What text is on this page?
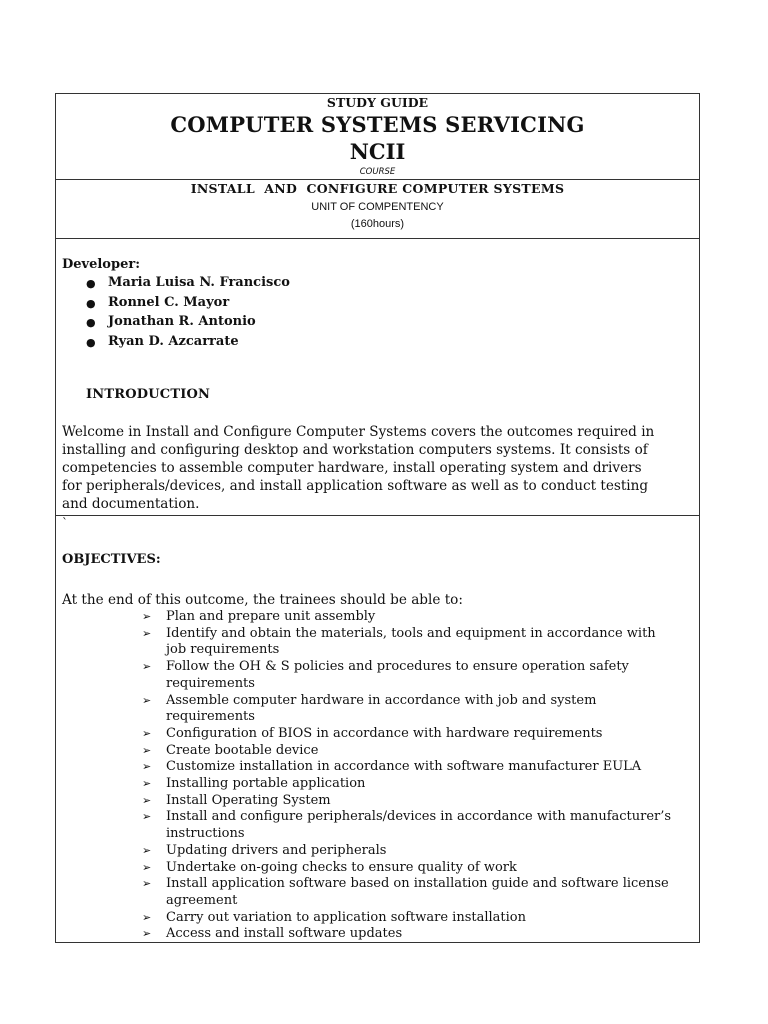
STUDY GUIDE
COMPUTER SYSTEMS SERVICING
NCII
COURSE
INSTALL  AND  CONFIGURE COMPUTER SYSTEMS
UNIT OF COMPENTENCY
(160hours)
Developer:
● Maria Luisa N. Francisco
● Ronnel C. Mayor
● Jonathan R. Antonio
● Ryan D. Azcarrate
INTRODUCTION
Welcome in Install and Configure Computer Systems covers the outcomes required in
installing and configuring desktop and workstation computers systems. It consists of
competencies to assemble computer hardware, install operating system and drivers
for peripherals/devices, and install application software as well as to conduct testing
and documentation.
`
OBJECTIVES:
At the end of this outcome, the trainees should be able to:
➢ Plan and prepare unit assembly
➢ Identify and obtain the materials, tools and equipment in accordance with
job requirements
➢ Follow the OH & S policies and procedures to ensure operation safety
requirements
➢ Assemble computer hardware in accordance with job and system
requirements
➢ Configuration of BIOS in accordance with hardware requirements
➢ Create bootable device
➢ Customize installation in accordance with software manufacturer EULA
➢ Installing portable application
➢ Install Operating System
➢ Install and configure peripherals/devices in accordance with manufacturer’s
instructions
➢ Updating drivers and peripherals
➢ Undertake on-going checks to ensure quality of work
➢ Install application software based on installation guide and software license
agreement
➢ Carry out variation to application software installation
➢ Access and install software updates
